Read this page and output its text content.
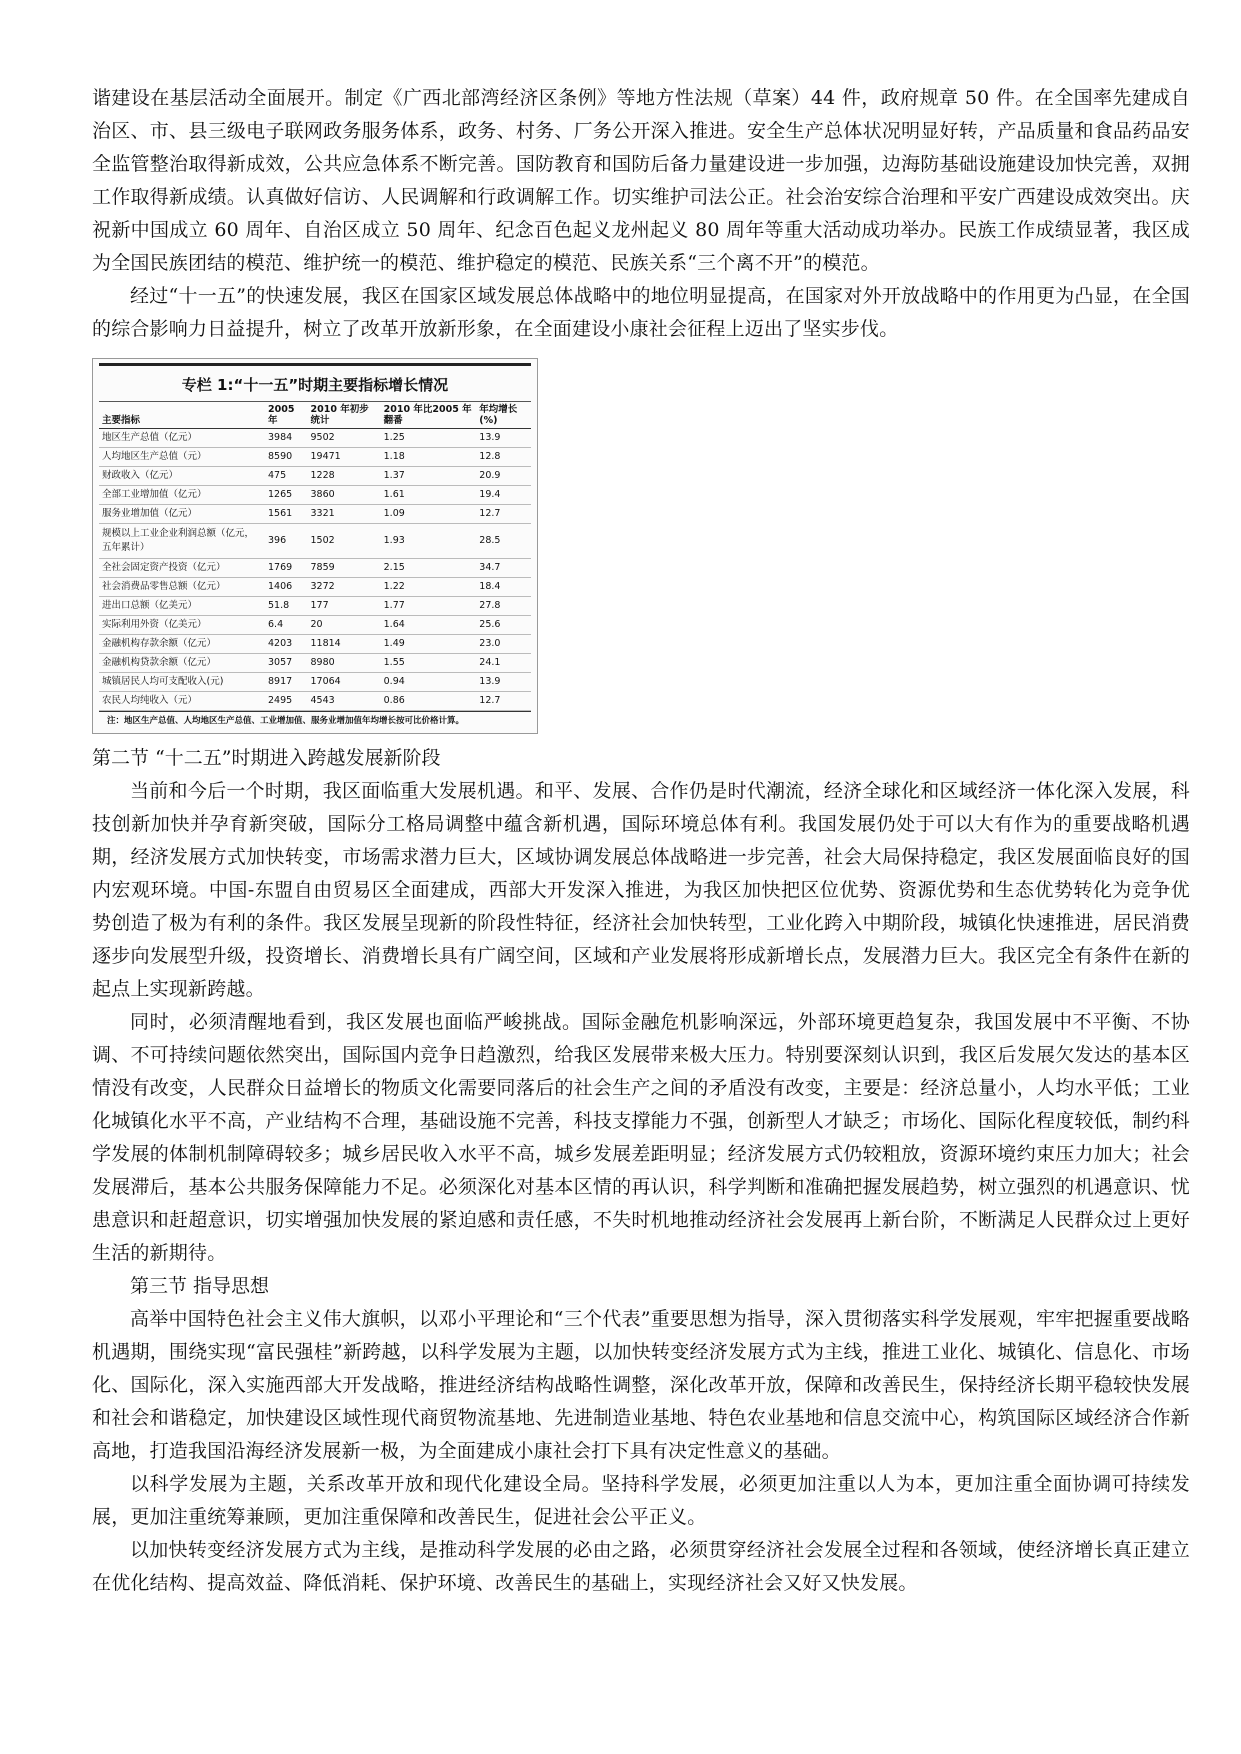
谐建设在基层活动全面展开。制定《广西北部湾经济区条例》等地方性法规（草案）44 件，政府规章 50 件。在全国率先建成自治区、市、县三级电子联网政务服务体系，政务、村务、厂务公开深入推进。安全生产总体状况明显好转，产品质量和食品药品安全监管整治取得新成效，公共应急体系不断完善。国防教育和国防后备力量建设进一步加强，边海防基础设施建设加快完善，双拥工作取得新成绩。认真做好信访、人民调解和行政调解工作。切实维护司法公正。社会治安综合治理和平安广西建设成效突出。庆祝新中国成立 60 周年、自治区成立 50 周年、纪念百色起义龙州起义 80 周年等重大活动成功举办。民族工作成绩显著，我区成为全国民族团结的模范、维护统一的模范、维护稳定的模范、民族关系“三个离不开”的模范。

经过“十一五”的快速发展，我区在国家区域发展总体战略中的地位明显提高，在国家对外开放战略中的作用更为凸显，在全国的综合影响力日益提升，树立了改革开放新形象，在全面建设小康社会征程上迈出了坚实步伐。

专栏 1:“十一五”时期主要指标增长情况
主要指标	2005 年	2010 年初步统计	2010 年比2005 年翻番	年均增长(%)
地区生产总值（亿元）	3984	9502	1.25	13.9
人均地区生产总值（元）	8590	19471	1.18	12.8
财政收入（亿元）	475	1228	1.37	20.9
全部工业增加值（亿元）	1265	3860	1.61	19.4
服务业增加值（亿元）	1561	3321	1.09	12.7
规模以上工业企业利润总额（亿元，五年累计）	396	1502	1.93	28.5
全社会固定资产投资（亿元）	1769	7859	2.15	34.7
社会消费品零售总额（亿元）	1406	3272	1.22	18.4
进出口总额（亿美元）	51.8	177	1.77	27.8
实际利用外资（亿美元）	6.4	20	1.64	25.6
金融机构存款余额（亿元）	4203	11814	1.49	23.0
金融机构贷款余额（亿元）	3057	8980	1.55	24.1
城镇居民人均可支配收入(元)	8917	17064	0.94	13.9
农民人均纯收入（元）	2495	4543	0.86	12.7
注：地区生产总值、人均地区生产总值、工业增加值、服务业增加值年均增长按可比价格计算。
第二节 “十二五”时期进入跨越发展新阶段

当前和今后一个时期，我区面临重大发展机遇。和平、发展、合作仍是时代潮流，经济全球化和区域经济一体化深入发展，科技创新加快并孕育新突破，国际分工格局调整中蕴含新机遇，国际环境总体有利。我国发展仍处于可以大有作为的重要战略机遇期，经济发展方式加快转变，市场需求潜力巨大，区域协调发展总体战略进一步完善，社会大局保持稳定，我区发展面临良好的国内宏观环境。中国-东盟自由贸易区全面建成，西部大开发深入推进，为我区加快把区位优势、资源优势和生态优势转化为竞争优势创造了极为有利的条件。我区发展呈现新的阶段性特征，经济社会加快转型，工业化跨入中期阶段，城镇化快速推进，居民消费逐步向发展型升级，投资增长、消费增长具有广阔空间，区域和产业发展将形成新增长点，发展潜力巨大。我区完全有条件在新的起点上实现新跨越。

同时，必须清醒地看到，我区发展也面临严峻挑战。国际金融危机影响深远，外部环境更趋复杂，我国发展中不平衡、不协调、不可持续问题依然突出，国际国内竞争日趋激烈，给我区发展带来极大压力。特别要深刻认识到，我区后发展欠发达的基本区情没有改变，人民群众日益增长的物质文化需要同落后的社会生产之间的矛盾没有改变，主要是：经济总量小，人均水平低；工业化城镇化水平不高，产业结构不合理，基础设施不完善，科技支撑能力不强，创新型人才缺乏；市场化、国际化程度较低，制约科学发展的体制机制障碍较多；城乡居民收入水平不高，城乡发展差距明显；经济发展方式仍较粗放，资源环境约束压力加大；社会发展滞后，基本公共服务保障能力不足。必须深化对基本区情的再认识，科学判断和准确把握发展趋势，树立强烈的机遇意识、忧患意识和赶超意识，切实增强加快发展的紧迫感和责任感，不失时机地推动经济社会发展再上新台阶，不断满足人民群众过上更好生活的新期待。

第三节 指导思想

高举中国特色社会主义伟大旗帜，以邓小平理论和“三个代表”重要思想为指导，深入贯彻落实科学发展观，牢牢把握重要战略机遇期，围绕实现“富民强桂”新跨越，以科学发展为主题，以加快转变经济发展方式为主线，推进工业化、城镇化、信息化、市场化、国际化，深入实施西部大开发战略，推进经济结构战略性调整，深化改革开放，保障和改善民生，保持经济长期平稳较快发展和社会和谐稳定，加快建设区域性现代商贸物流基地、先进制造业基地、特色农业基地和信息交流中心，构筑国际区域经济合作新高地，打造我国沿海经济发展新一极，为全面建成小康社会打下具有决定性意义的基础。

以科学发展为主题，关系改革开放和现代化建设全局。坚持科学发展，必须更加注重以人为本，更加注重全面协调可持续发展，更加注重统筹兼顾，更加注重保障和改善民生，促进社会公平正义。

以加快转变经济发展方式为主线，是推动科学发展的必由之路，必须贯穿经济社会发展全过程和各领域，使经济增长真正建立在优化结构、提高效益、降低消耗、保护环境、改善民生的基础上，实现经济社会又好又快发展。
